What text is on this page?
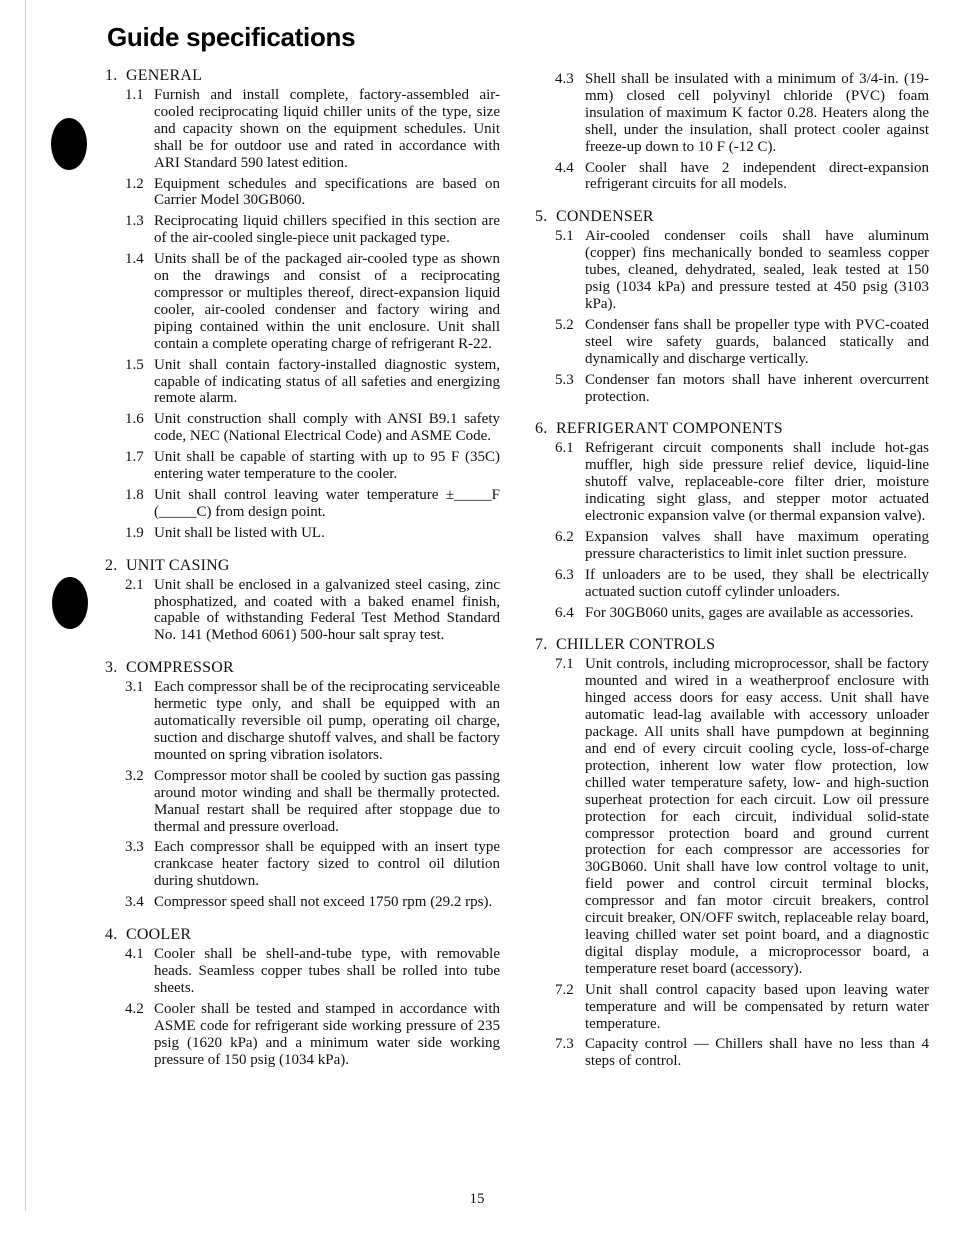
Guide specifications
1. GENERAL
1.1 Furnish and install complete, factory-assembled air-cooled reciprocating liquid chiller units of the type, size and capacity shown on the equipment schedules. Unit shall be for outdoor use and rated in accordance with ARI Standard 590 latest edition.
1.2 Equipment schedules and specifications are based on Carrier Model 30GB060.
1.3 Reciprocating liquid chillers specified in this section are of the air-cooled single-piece unit packaged type.
1.4 Units shall be of the packaged air-cooled type as shown on the drawings and consist of a reciprocating compressor or multiples thereof, direct-expansion liquid cooler, air-cooled condenser and factory wiring and piping contained within the unit enclosure. Unit shall contain a complete operating charge of refrigerant R-22.
1.5 Unit shall contain factory-installed diagnostic system, capable of indicating status of all safeties and energizing remote alarm.
1.6 Unit construction shall comply with ANSI B9.1 safety code, NEC (National Electrical Code) and ASME Code.
1.7 Unit shall be capable of starting with up to 95 F (35C) entering water temperature to the cooler.
1.8 Unit shall control leaving water temperature ±_____F (_____C) from design point.
1.9 Unit shall be listed with UL.
2. UNIT CASING
2.1 Unit shall be enclosed in a galvanized steel casing, zinc phosphatized, and coated with a baked enamel finish, capable of withstanding Federal Test Method Standard No. 141 (Method 6061) 500-hour salt spray test.
3. COMPRESSOR
3.1 Each compressor shall be of the reciprocating serviceable hermetic type only, and shall be equipped with an automatically reversible oil pump, operating oil charge, suction and discharge shutoff valves, and shall be factory mounted on spring vibration isolators.
3.2 Compressor motor shall be cooled by suction gas passing around motor winding and shall be thermally protected. Manual restart shall be required after stoppage due to thermal and pressure overload.
3.3 Each compressor shall be equipped with an insert type crankcase heater factory sized to control oil dilution during shutdown.
3.4 Compressor speed shall not exceed 1750 rpm (29.2 rps).
4. COOLER
4.1 Cooler shall be shell-and-tube type, with removable heads. Seamless copper tubes shall be rolled into tube sheets.
4.2 Cooler shall be tested and stamped in accordance with ASME code for refrigerant side working pressure of 235 psig (1620 kPa) and a minimum water side working pressure of 150 psig (1034 kPa).
4.3 Shell shall be insulated with a minimum of 3/4-in. (19-mm) closed cell polyvinyl chloride (PVC) foam insulation of maximum K factor 0.28. Heaters along the shell, under the insulation, shall protect cooler against freeze-up down to 10 F (-12 C).
4.4 Cooler shall have 2 independent direct-expansion refrigerant circuits for all models.
5. CONDENSER
5.1 Air-cooled condenser coils shall have aluminum (copper) fins mechanically bonded to seamless copper tubes, cleaned, dehydrated, sealed, leak tested at 150 psig (1034 kPa) and pressure tested at 450 psig (3103 kPa).
5.2 Condenser fans shall be propeller type with PVC-coated steel wire safety guards, balanced statically and dynamically and discharge vertically.
5.3 Condenser fan motors shall have inherent overcurrent protection.
6. REFRIGERANT COMPONENTS
6.1 Refrigerant circuit components shall include hot-gas muffler, high side pressure relief device, liquid-line shutoff valve, replaceable-core filter drier, moisture indicating sight glass, and stepper motor actuated electronic expansion valve (or thermal expansion valve).
6.2 Expansion valves shall have maximum operating pressure characteristics to limit inlet suction pressure.
6.3 If unloaders are to be used, they shall be electrically actuated suction cutoff cylinder unloaders.
6.4 For 30GB060 units, gages are available as accessories.
7. CHILLER CONTROLS
7.1 Unit controls, including microprocessor, shall be factory mounted and wired in a weatherproof enclosure with hinged access doors for easy access. Unit shall have automatic lead-lag available with accessory unloader package. All units shall have pumpdown at beginning and end of every circuit cooling cycle, loss-of-charge protection, inherent low water flow protection, low chilled water temperature safety, low- and high-suction superheat protection for each circuit. Low oil pressure protection for each circuit, individual solid-state compressor protection board and ground current protection for each compressor are accessories for 30GB060. Unit shall have low control voltage to unit, field power and control circuit terminal blocks, compressor and fan motor circuit breakers, control circuit breaker, ON/OFF switch, replaceable relay board, leaving chilled water set point board, and a diagnostic digital display module, a microprocessor board, a temperature reset board (accessory).
7.2 Unit shall control capacity based upon leaving water temperature and will be compensated by return water temperature.
7.3 Capacity control — Chillers shall have no less than 4 steps of control.
15
